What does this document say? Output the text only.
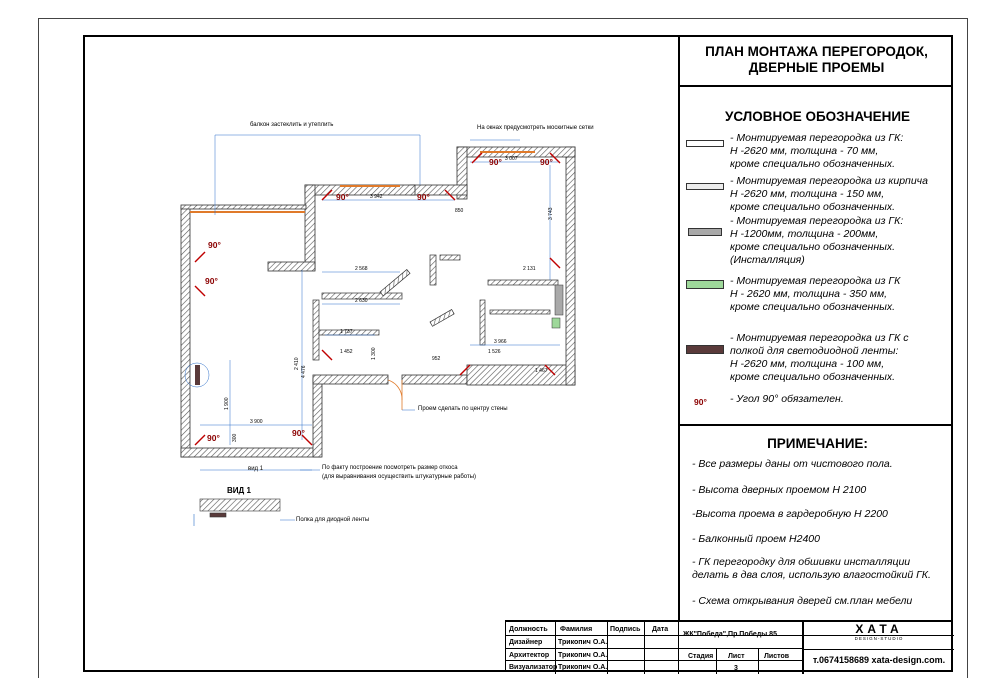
3 942
3 007
2 568
2 630
3 900
1 737
1 452
3 966
1 526
1 467
2 131
3 743
2 410
4 476
1 900
1 300	952
850
300
балкон застеклить и утеплить	На окнах предусмотреть москитные сетки
Проем сделать по центру стены
По факту построение посмотреть размер откоса
(для выравнивания осуществить штукатурные работы)
Полка для диодной ленты
вид 1
ВИД 1
90°
90°
90°	90°
90°	90°
90°	90°
ПЛАН МОНТАЖА ПЕРЕГОРОДОК,
ДВЕРНЫЕ ПРОЕМЫ
УСЛОВНОЕ ОБОЗНАЧЕНИЕ
- Монтируемая перегородка из ГК:
Н -2620 мм, толщина - 70 мм,
кроме специально обозначенных.
- Монтируемая перегородка из кирпича
Н -2620 мм, толщина - 150 мм,
кроме специально обозначенных.
- Монтируемая перегородка из ГК:
Н -1200мм, толщина - 200мм,
кроме специально обозначенных.
(Инсталляция)
- Монтируемая перегородка из ГК
Н - 2620 мм, толщина - 350 мм,
кроме специально обозначенных.
- Монтируемая перегородка из ГК с
полкой для светодиодной ленты:
Н -2620 мм, толщина - 100 мм,
кроме специально обозначенных.
90° - Угол 90° обязателен.
ПРИМЕЧАНИЕ:
- Все размеры даны от чистового пола.
- Высота дверных проемом Н 2100
-Высота проема в гардеробную Н 2200
- Балконный проем Н2400
- ГК перегородку для обшивки инсталляции
делать в два слоя, использую влагостойкий ГК.
- Схема открывания дверей см.план мебели
Должность Фамилия	Подпись Дата
Дизайнер Трикопич О.А.
Архитектор Трикопич О.А.
Визуализатор Трикопич О.А.
ЖК"Победа",Пр.Победы 85
Стадия Лист	Листов
3
ХАТА
DESIGN-STUDIO
т.0674158689 xata-design.com.
